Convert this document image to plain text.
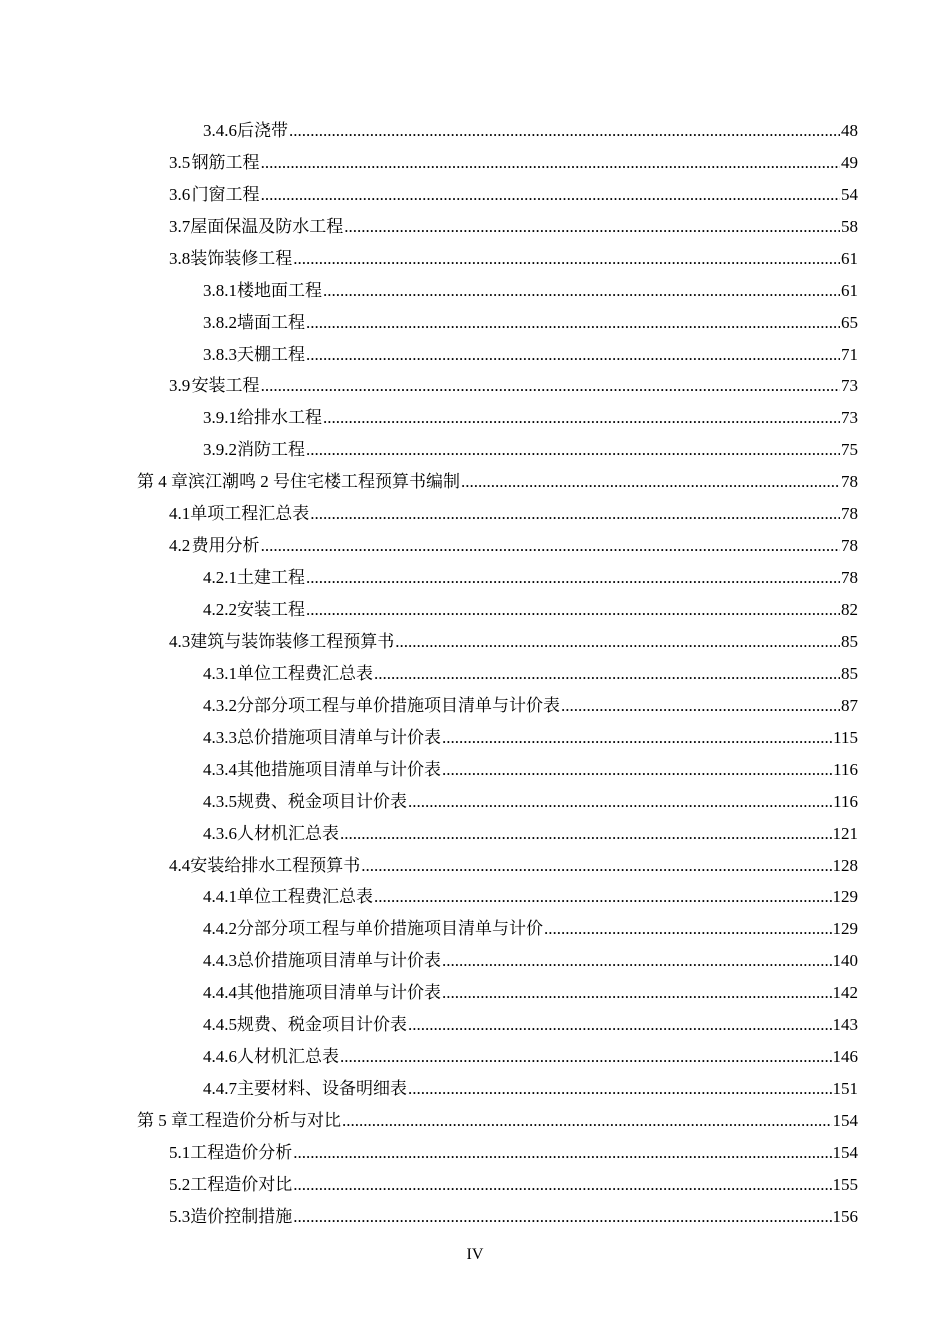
3.4.6 后浇带 .....	48
3.5 钢筋工程 .....	49
3.6 门窗工程 .....	54
3.7 屋面保温及防水工程 .....	58
3.8 装饰装修工程 .....	61
3.8.1 楼地面工程 .....	61
3.8.2 墙面工程 .....	65
3.8.3 天棚工程 .....	71
3.9 安装工程 .....	73
3.9.1 给排水工程 .....	73
3.9.2 消防工程 .....	75
第 4 章 滨江潮鸣 2 号住宅楼工程预算书编制 .....	78
4.1 单项工程汇总表 .....	78
4.2 费用分析 .....	78
4.2.1 土建工程 .....	78
4.2.2 安装工程 .....	82
4.3 建筑与装饰装修工程预算书 .....	85
4.3.1 单位工程费汇总表 .....	85
4.3.2 分部分项工程与单价措施项目清单与计价表 .....	87
4.3.3 总价措施项目清单与计价表 .....	115
4.3.4 其他措施项目清单与计价表 .....	116
4.3.5 规费、税金项目计价表 .....	116
4.3.6 人材机汇总表 .....	121
4.4 安装给排水工程预算书 .....	128
4.4.1 单位工程费汇总表 .....	129
4.4.2 分部分项工程与单价措施项目清单与计价 .....	129
4.4.3 总价措施项目清单与计价表 .....	140
4.4.4 其他措施项目清单与计价表 .....	142
4.4.5 规费、税金项目计价表 .....	143
4.4.6 人材机汇总表 .....	146
4.4.7 主要材料、设备明细表 .....	151
第 5 章 工程造价分析与对比 .....	154
5.1 工程造价分析 .....	154
5.2 工程造价对比 .....	155
5.3 造价控制措施 .....	156
IV
